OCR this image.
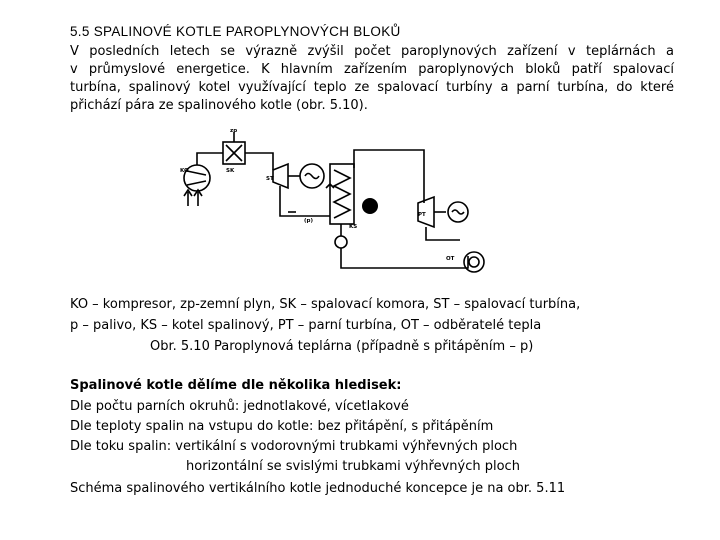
5.5 SPALINOVÉ KOTLE PAROPLYNOVÝCH BLOKŮ
V posledních letech se výrazně zvýšil počet paroplynových zařízení v teplárnách a
v průmyslové energetice. K hlavním zařízením paroplynových bloků patří spalovací
turbína, spalinový kotel využívající teplo ze spalovací turbíny a parní turbína, do které
přichází pára ze spalinového kotle (obr. 5.10).
zp
KO	SK
ST
(p)
KS
PT
OT
KO – kompresor, zp-zemní plyn, SK – spalovací komora, ST – spalovací turbína,
p – palivo, KS – kotel spalinový, PT – parní turbína, OT – odběratelé tepla
Obr. 5.10 Paroplynová teplárna (případně s přitápěním – p)
Spalinové kotle dělíme dle několika hledisek:
Dle počtu parních okruhů: jednotlakové, vícetlakové
Dle teploty spalin na vstupu do kotle: bez přitápění, s přitápěním
Dle toku spalin: vertikální s vodorovnými trubkami výhřevných ploch
horizontální se svislými trubkami výhřevných ploch
Schéma spalinového vertikálního kotle jednoduché koncepce je na obr. 5.11
